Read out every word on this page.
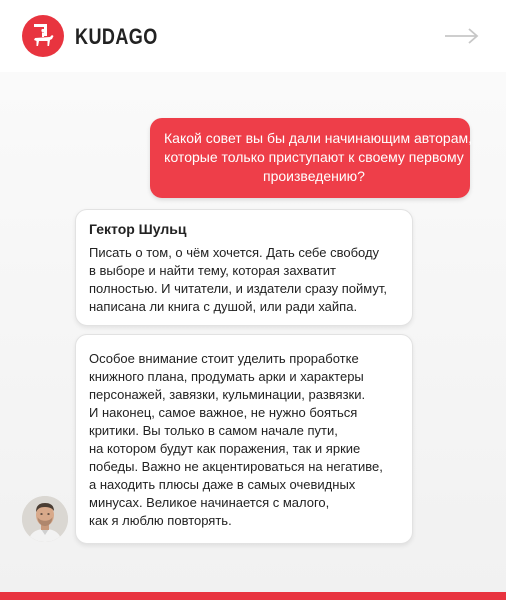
KUDAGO
Какой совет вы бы дали начинающим авторам,
которые только приступают к своему первому
произведению?
Гектор Шульц
Писать о том, о чём хочется. Дать себе свободу
в выборе и найти тему, которая захватит
полностью. И читатели, и издатели сразу поймут,
написана ли книга с душой, или ради хайпа.
Особое внимание стоит уделить проработке
книжного плана, продумать арки и характеры
персонажей, завязки, кульминации, развязки.
И наконец, самое важное, не нужно бояться
критики. Вы только в самом начале пути,
на котором будут как поражения, так и яркие
победы. Важно не акцентироваться на негативе,
а находить плюсы даже в самых очевидных
минусах. Великое начинается с малого,
как я люблю повторять.
